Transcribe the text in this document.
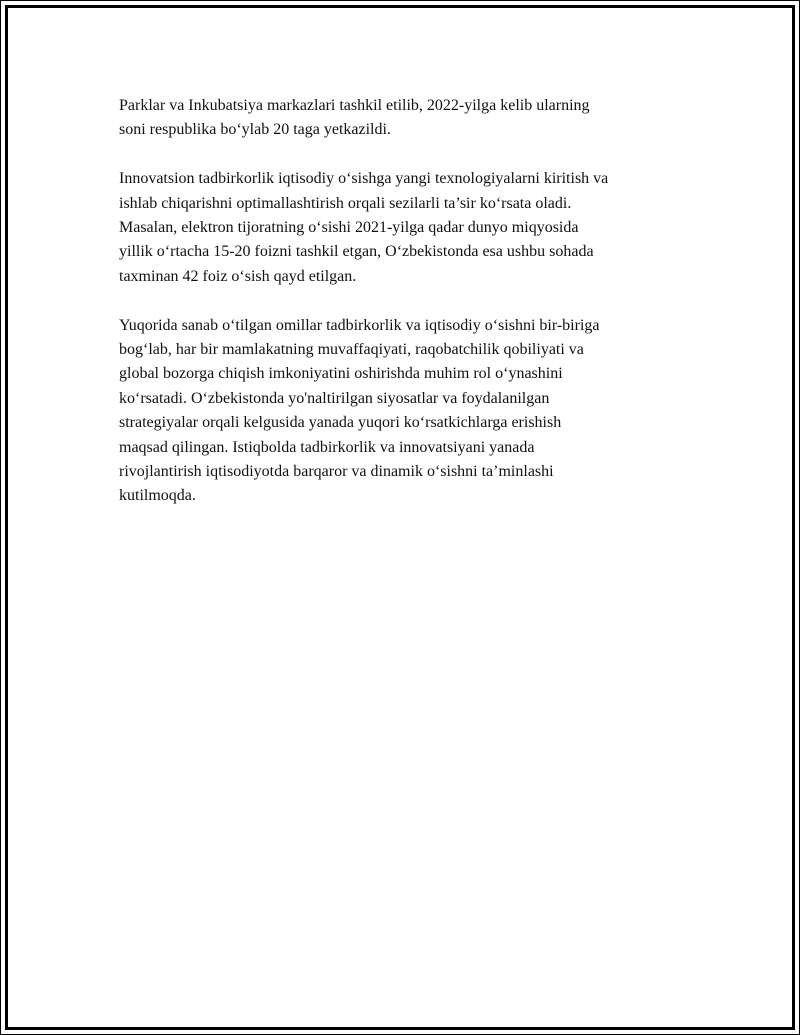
Parklar va Inkubatsiya markazlari tashkil etilib, 2022-yilga kelib ularning
soni respublika bo‘ylab 20 taga yetkazildi.

Innovatsion tadbirkorlik iqtisodiy o‘sishga yangi texnologiyalarni kiritish va
ishlab chiqarishni optimallashtirish orqali sezilarli ta’sir ko‘rsata oladi.
Masalan, elektron tijoratning o‘sishi 2021-yilga qadar dunyo miqyosida
yillik o‘rtacha 15-20 foizni tashkil etgan, O‘zbekistonda esa ushbu sohada
taxminan 42 foiz o‘sish qayd etilgan.

Yuqorida sanab o‘tilgan omillar tadbirkorlik va iqtisodiy o‘sishni bir-biriga
bog‘lab, har bir mamlakatning muvaffaqiyati, raqobatchilik qobiliyati va
global bozorga chiqish imkoniyatini oshirishda muhim rol o‘ynashini
ko‘rsatadi. O‘zbekistonda yo'naltirilgan siyosatlar va foydalanilgan
strategiyalar orqali kelgusida yanada yuqori ko‘rsatkichlarga erishish
maqsad qilingan. Istiqbolda tadbirkorlik va innovatsiyani yanada
rivojlantirish iqtisodiyotda barqaror va dinamik o‘sishni ta’minlashi
kutilmoqda.
